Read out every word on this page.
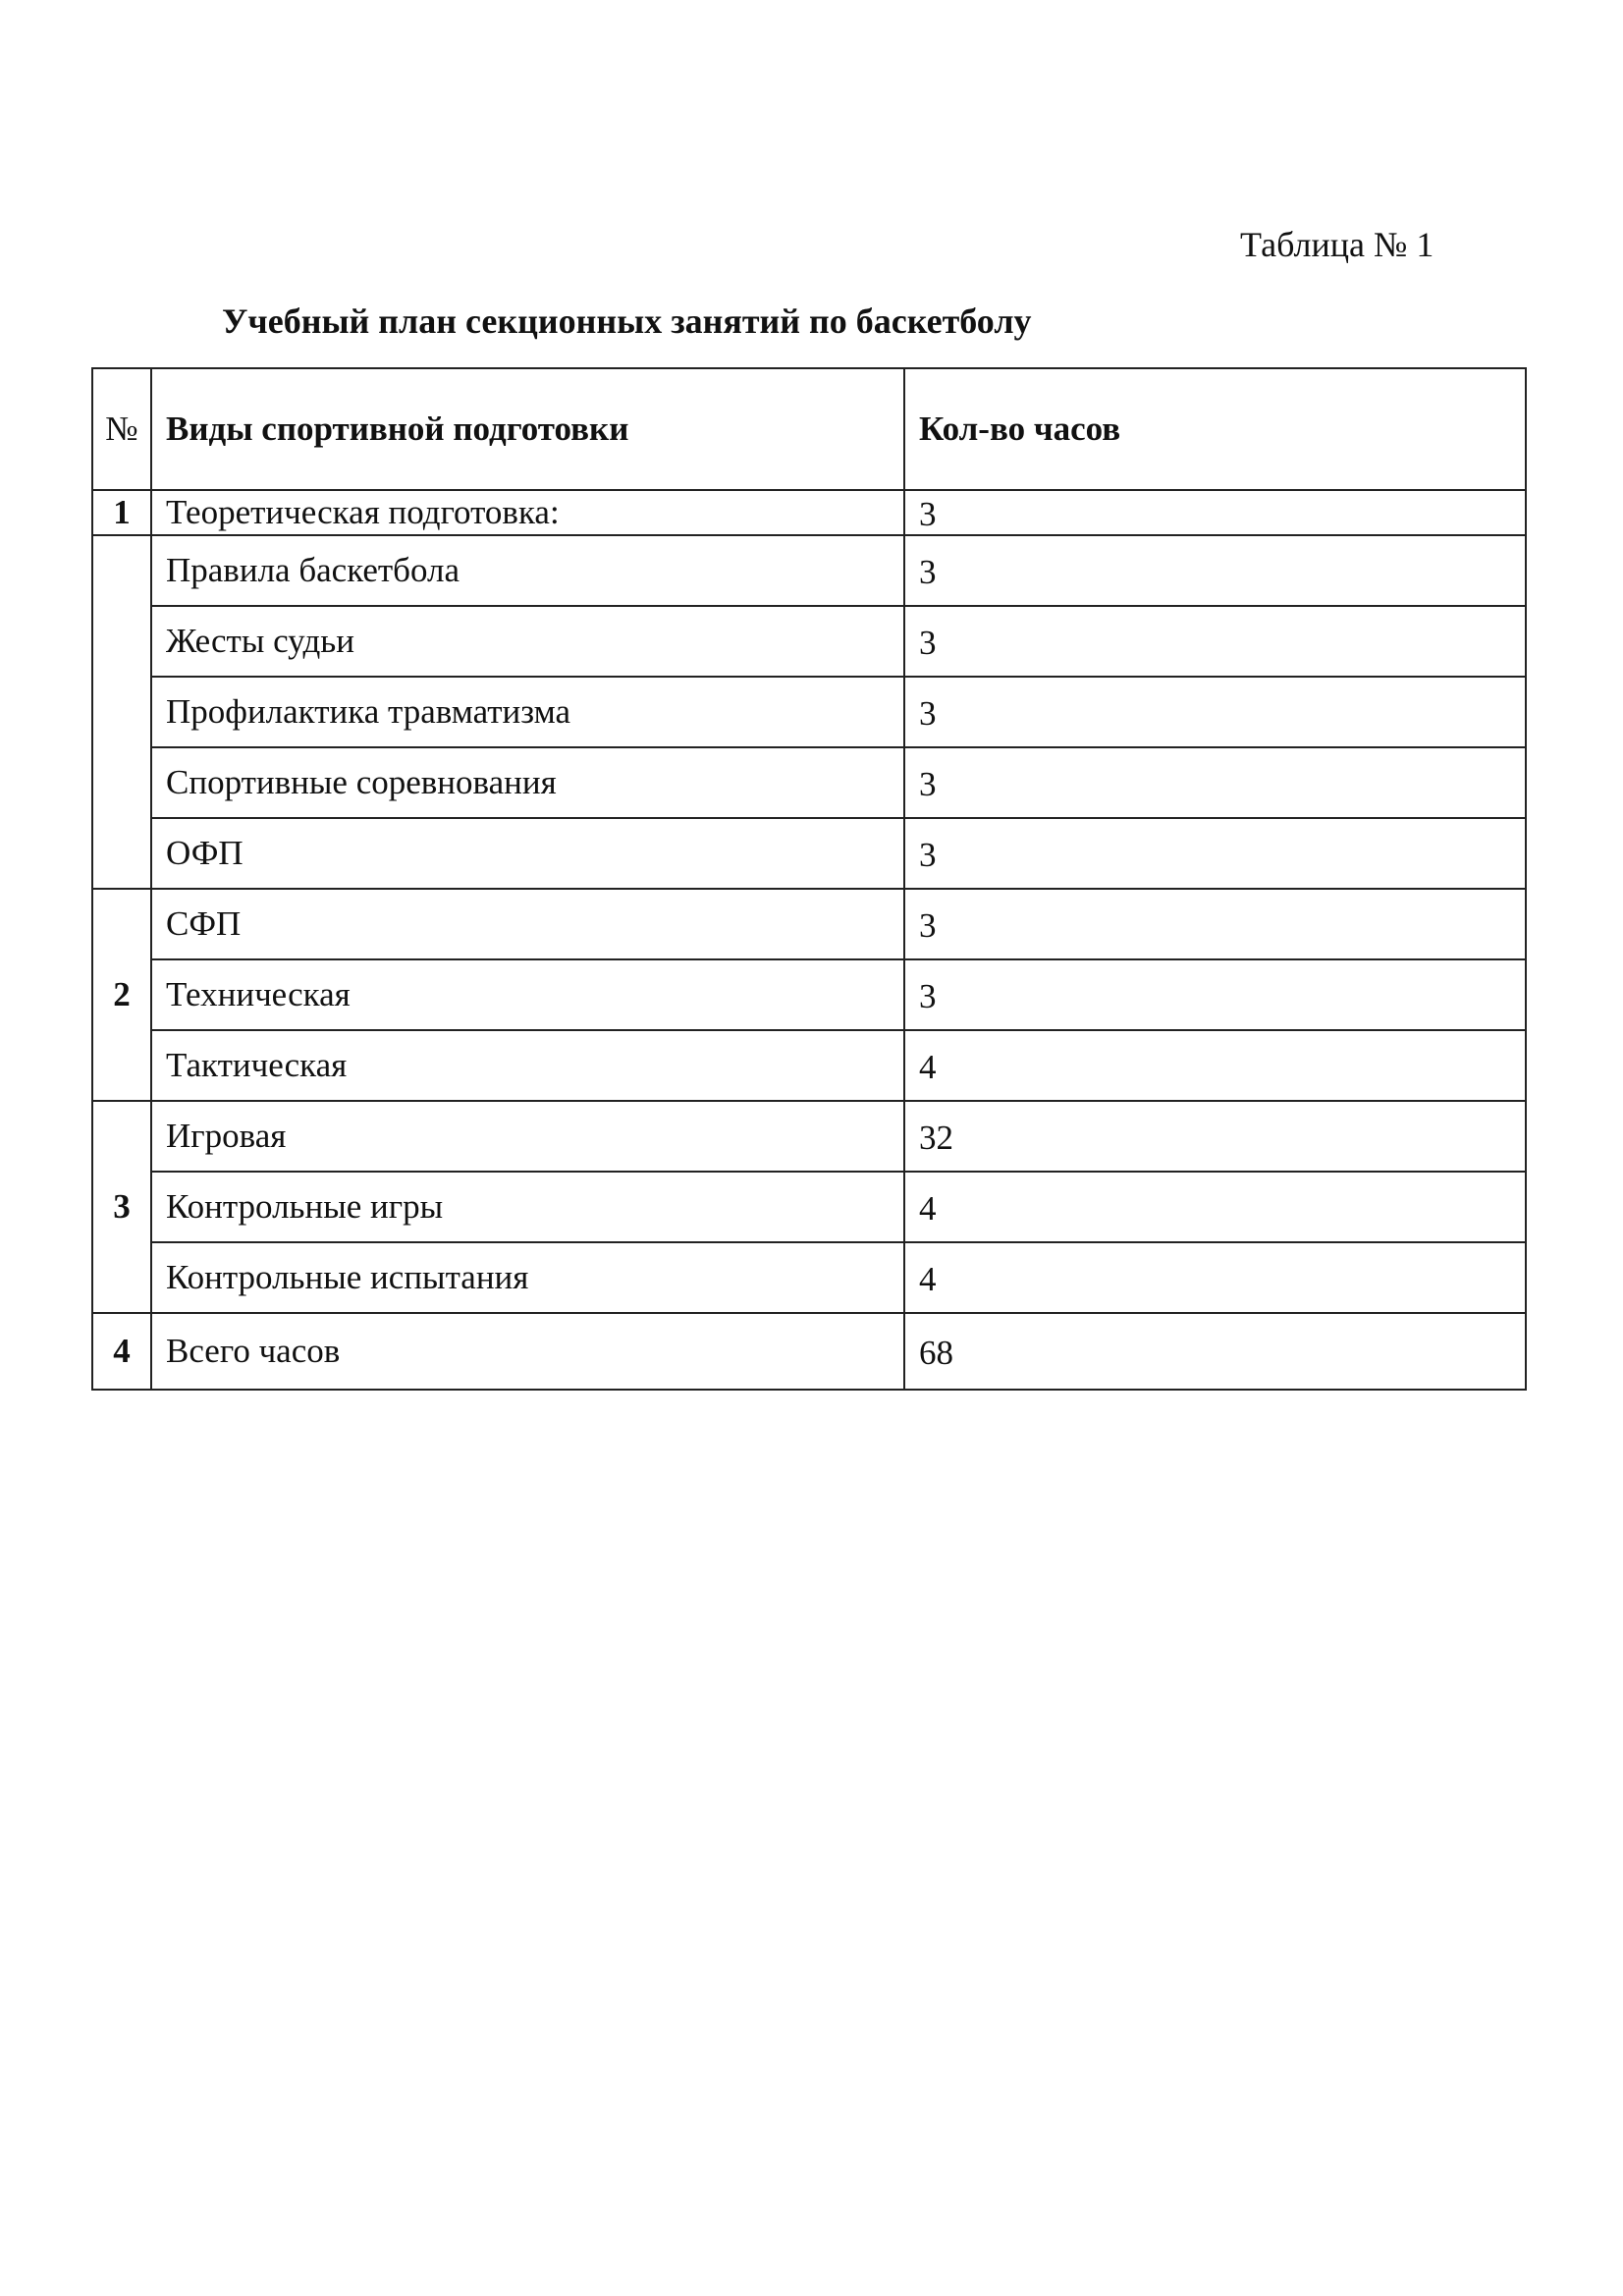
Таблица № 1
Учебный план секционных занятий по баскетболу
№	Виды спортивной подготовки	Кол-во часов

1	Теоретическая подготовка:	3

	Правила баскетбола	3

	Жесты судьи	3

	Профилактика травматизма	3

	Спортивные соревнования	3

	ОФП	3

2	СФП	3

	Техническая	3

	Тактическая	4

3	Игровая	32

	Контрольные игры	4

	Контрольные испытания	4

4	Всего часов	68
